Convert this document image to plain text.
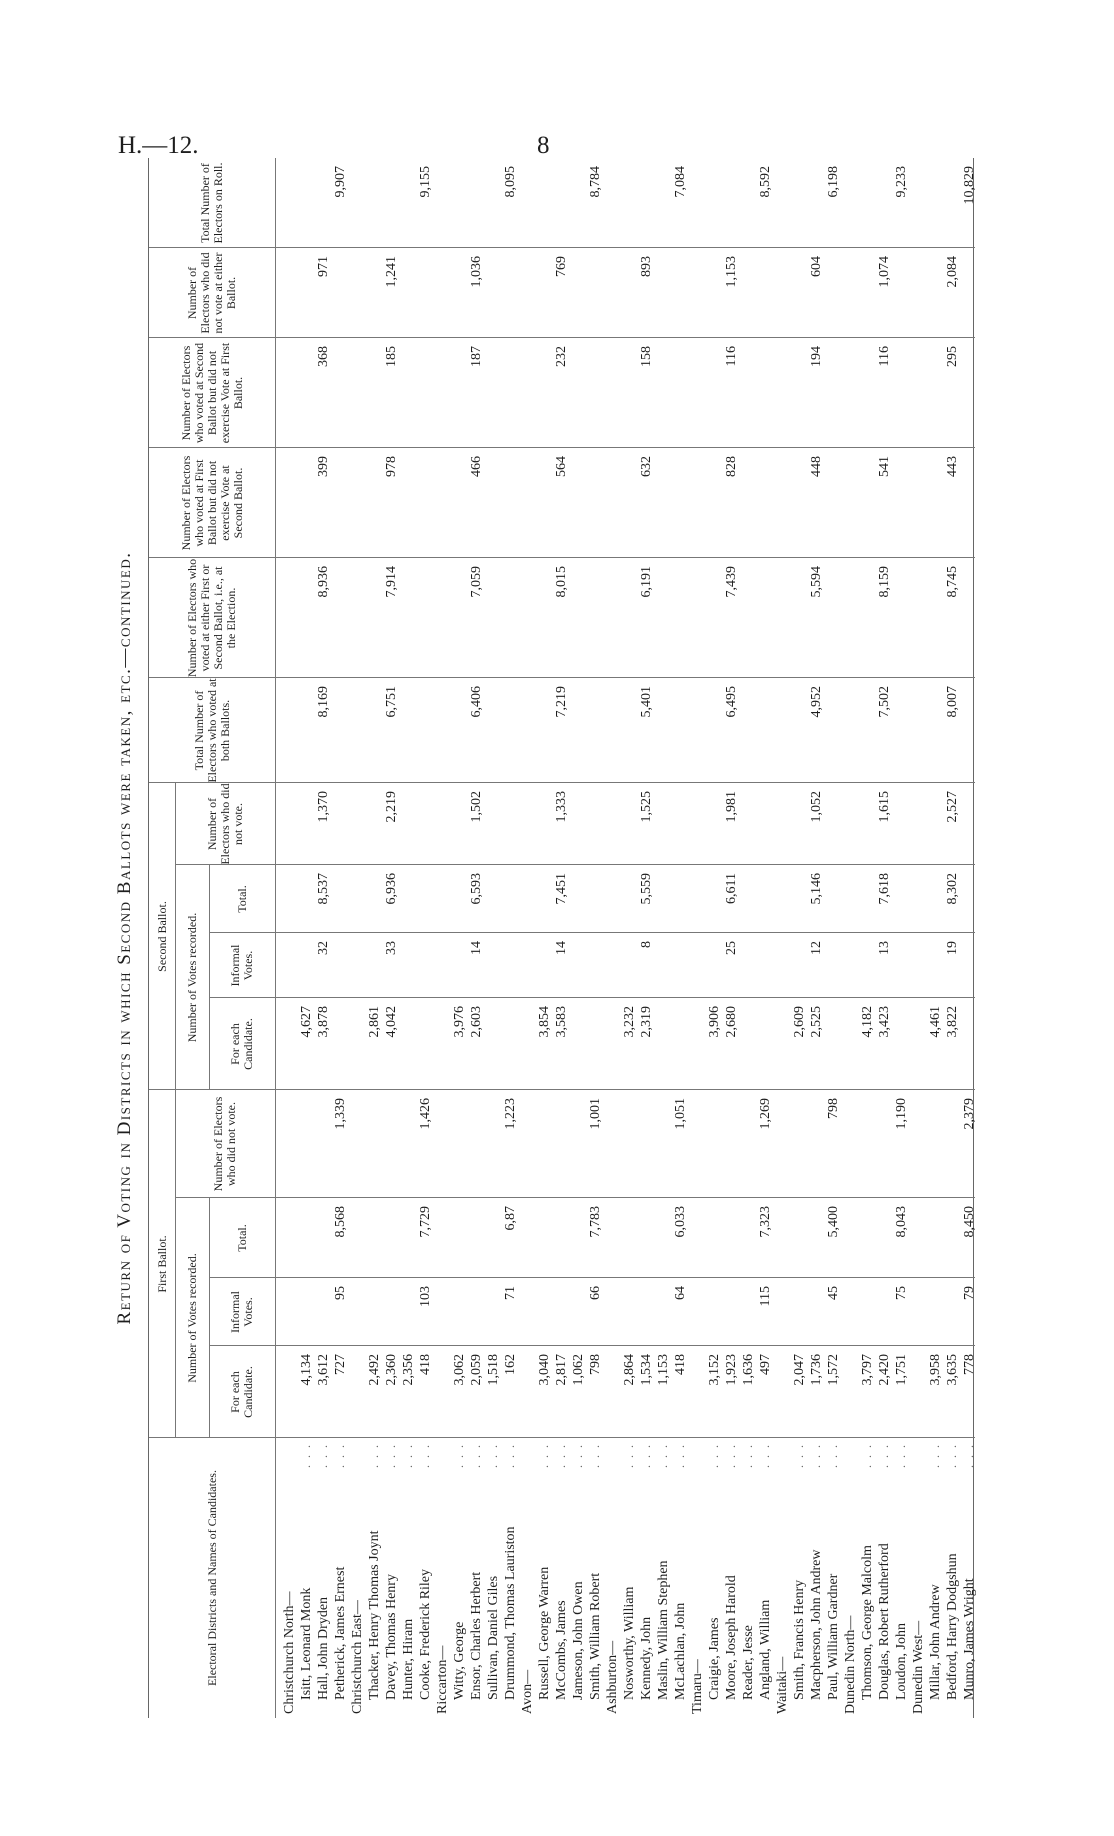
H.—12.	8
Return of Voting in Districts in which Second Ballots were taken, etc.—continued.
Electoral Districts and Names of Candidates.
First Ballot.
Second Ballot.
Number of Votes recorded.
Number of Votes recorded.
For each Candidate.
Informal Votes.
Total.
Number of Electors who did not vote.
For each Candidate.
Informal Votes.
Total.
Number of Electors who did not vote.
Total Number of Electors who voted at both Ballots.
Number of Electors who voted at either First or Second Ballot, i.e., at the Election.
Number of Electors who voted at First Ballot but did not exercise Vote at Second Ballot.
Number of Electors who voted at Second Ballot but did not exercise Vote at First Ballot.
Number of Electors who did not vote at either Ballot.
Total Number of Electors on Roll.
Christchurch North— Isitt, Leonard Monk
. . .
4,134
4,627
Hall, John Dryden
. . .
3,612
3,878
32
8,537
1,370
8,169
8,936
399
368
971
Petherick, James Ernest
. . .
727
95
8,568
1,339
9,907
Christchurch East— Thacker, Henry Thomas Joynt
. . .
2,492
2,861
Davey, Thomas Henry
. . .
2,360
4,042
33
6,936
2,219
6,751
7,914
978
185
1,241
Hunter, Hiram
. . .
2,356
Cooke, Frederick Riley
. . .
418
103
7,729
1,426
9,155
Riccarton— Witty, George
. . .
3,062
3,976
Ensor, Charles Herbert
. . .
2,059
2,603
14
6,593
1,502
6,406
7,059
466
187
1,036
Sullivan, Daniel Giles
. . .
1,518
Drummond, Thomas Lauriston
. . .
162
71
6,87
1,223
8,095
Avon— Russell, George Warren
. . .
3,040
3,854
McCombs, James
. . .
2,817
3,583
14
7,451
1,333
7,219
8,015
564
232
769
Jameson, John Owen
. . .
1,062
Smith, William Robert
. . .
798
66
7,783
1,001
8,784
Ashburton— Nosworthy, William
. . .
2,864
3,232
Kennedy, John
. . .
1,534
2,319
8
5,559
1,525
5,401
6,191
632
158
893
Maslin, William Stephen
. . .
1,153
McLachlan, John
. . .
418
64
6,033
1,051
7,084
Timaru— Craigie, James
. . .
3,152
3,906
Moore, Joseph Harold
. . .
1,923
2,680
25
6,611
1,981
6,495
7,439
828
116
1,153
Reader, Jesse
. . .
1,636
Angland, William
. . .
497
115
7,323
1,269
8,592
Waitaki— Smith, Francis Henry
. . .
2,047
2,609
Macpherson, John Andrew
. . .
1,736
2,525
12
5,146
1,052
4,952
5,594
448
194
604
Paul, William Gardner
. . .
1,572
45
5,400
798
6,198
Dunedin North— Thomson, George Malcolm
. . .
3,797
4,182
Douglas, Robert Rutherford
. . .
2,420
3,423
13
7,618
1,615
7,502
8,159
541
116
1,074
Loudon, John
. . .
1,751
75
8,043
1,190
9,233
Dunedin West— Millar, John Andrew
. . .
3,958
4,461
Bedford, Harry Dodgshun
. . .
3,635
3,822
19
8,302
2,527
8,007
8,745
443
295
2,084
Munro, James Wright
. . .
778
79
8,450
2,379
10,829
